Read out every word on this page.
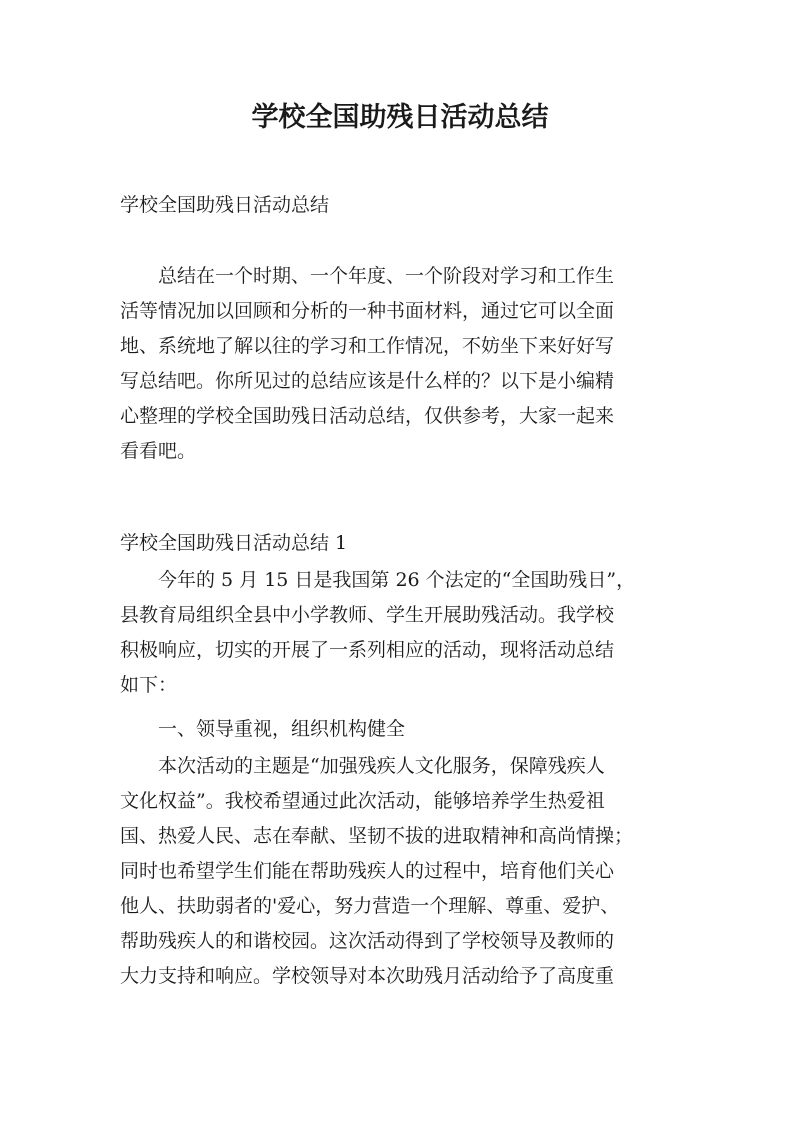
学校全国助残日活动总结

学校全国助残日活动总结

　　总结在一个时期、一个年度、一个阶段对学习和工作生
活等情况加以回顾和分析的一种书面材料，通过它可以全面
地、系统地了解以往的学习和工作情况，不妨坐下来好好写
写总结吧。你所见过的总结应该是什么样的？以下是小编精
心整理的学校全国助残日活动总结，仅供参考，大家一起来
看看吧。

学校全国助残日活动总结 1

　　今年的 5 月 15 日是我国第 26 个法定的“全国助残日”，
县教育局组织全县中小学教师、学生开展助残活动。我学校
积极响应，切实的开展了一系列相应的活动，现将活动总结
如下：

　　一、领导重视，组织机构健全

　　本次活动的主题是“加强残疾人文化服务，保障残疾人
文化权益”。我校希望通过此次活动，能够培养学生热爱祖
国、热爱人民、志在奉献、坚韧不拔的进取精神和高尚情操；
同时也希望学生们能在帮助残疾人的过程中，培育他们关心
他人、扶助弱者的'爱心，努力营造一个理解、尊重、爱护、
帮助残疾人的和谐校园。这次活动得到了学校领导及教师的
大力支持和响应。学校领导对本次助残月活动给予了高度重
